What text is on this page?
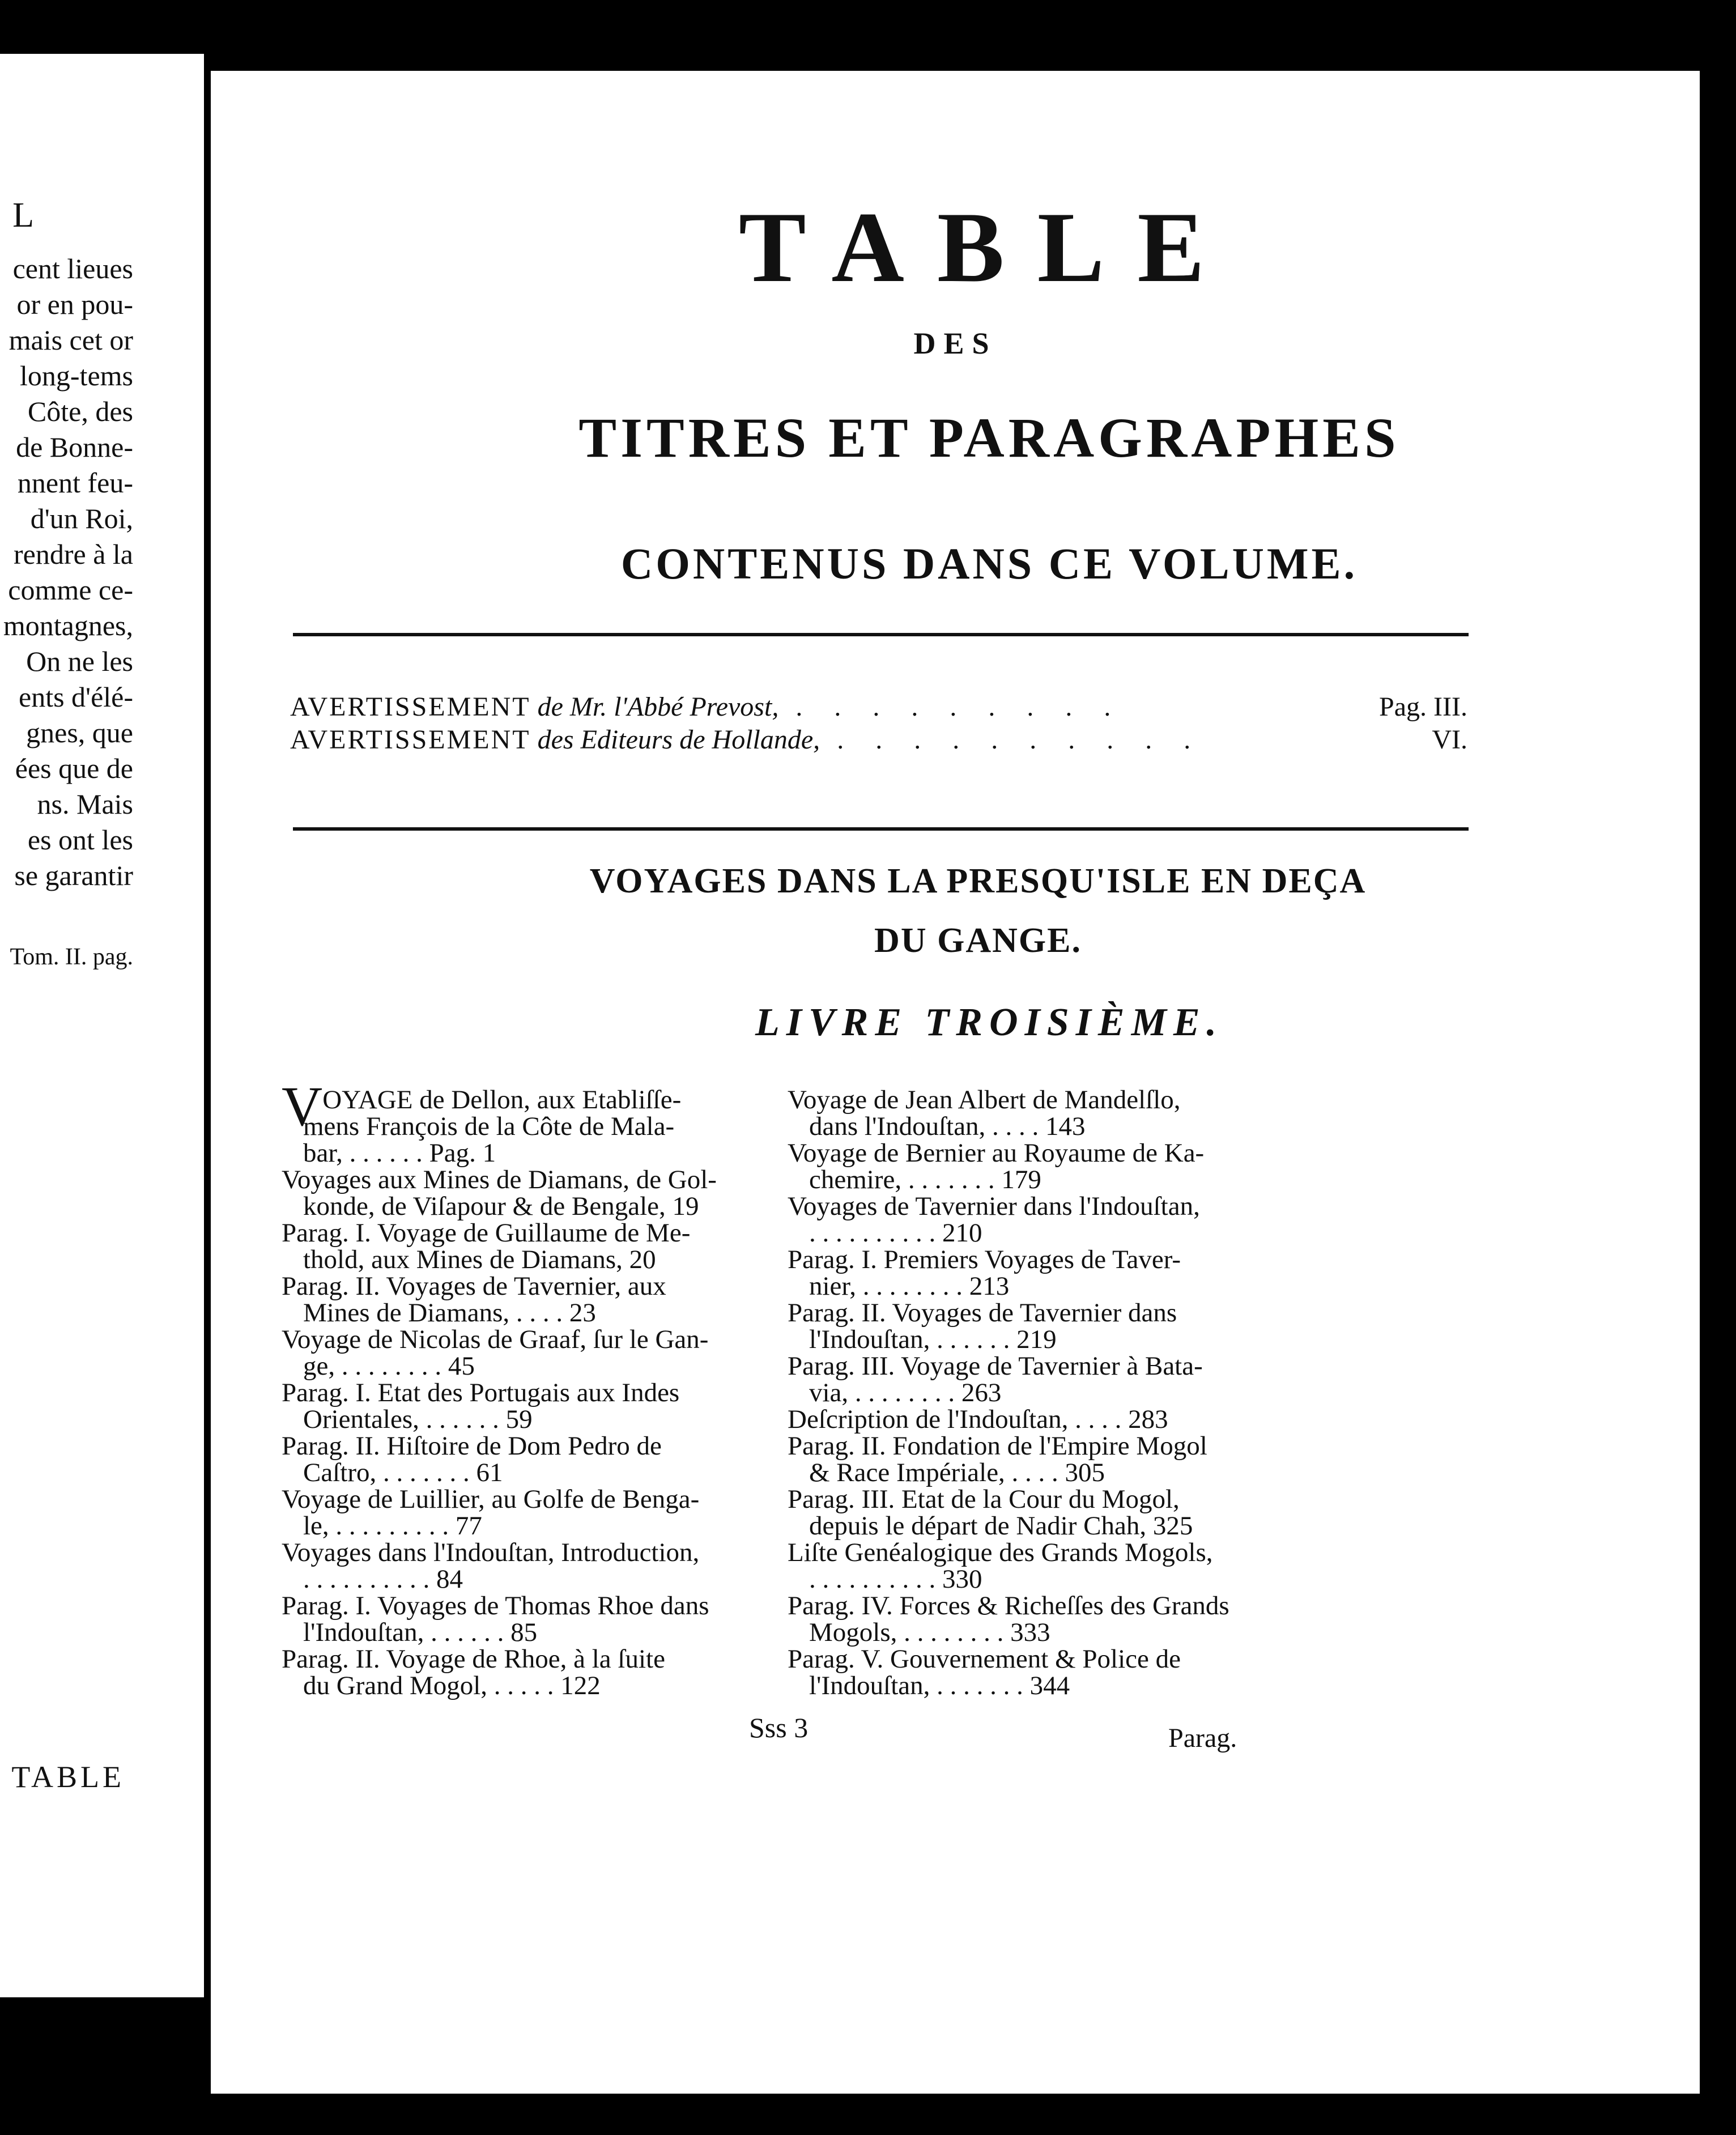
L
cent lieues
or en pou-
mais cet or
long-tems
Côte, des
de Bonne-
nnent feu-
d'un Roi,
rendre à la
comme ce-
montagnes,
On ne les
ents d'élé-
gnes, que
ées que de
ns. Mais
es ont les
se garantir
Tom. II. pag.
TABLE
TABLE
DES
TITRES ET PARAGRAPHES
CONTENUS DANS CE VOLUME.
AVERTISSEMENT de Mr. l'Abbé Prevost, . . . . . . . . .	Pag. III.
AVERTISSEMENT des Editeurs de Hollande, . . . . . . . . . .	VI.
VOYAGES DANS LA PRESQU'ISLE EN DEÇA
DU GANGE.
LIVRE TROISIÈME.
VOYAGE de Dellon, aux Etabliſſe-
mens François de la Côte de Mala-
bar, . . . . . . Pag. 1
Voyages aux Mines de Diamans, de Gol-
konde, de Viſapour & de Bengale, 19
Parag. I. Voyage de Guillaume de Me-
thold, aux Mines de Diamans, 20
Parag. II. Voyages de Tavernier, aux
Mines de Diamans, . . . . 23
Voyage de Nicolas de Graaf, ſur le Gan-
ge, . . . . . . . . 45
Parag. I. Etat des Portugais aux Indes
Orientales, . . . . . . 59
Parag. II. Hiſtoire de Dom Pedro de
Caſtro, . . . . . . . 61
Voyage de Luillier, au Golfe de Benga-
le, . . . . . . . . . 77
Voyages dans l'Indouſtan, Introduction,
. . . . . . . . . . 84
Parag. I. Voyages de Thomas Rhoe dans
l'Indouſtan, . . . . . . 85
Parag. II. Voyage de Rhoe, à la ſuite
du Grand Mogol, . . . . . 122
Voyage de Jean Albert de Mandelſlo,
dans l'Indouſtan, . . . . 143
Voyage de Bernier au Royaume de Ka-
chemire, . . . . . . . 179
Voyages de Tavernier dans l'Indouſtan,
. . . . . . . . . . 210
Parag. I. Premiers Voyages de Taver-
nier, . . . . . . . . 213
Parag. II. Voyages de Tavernier dans
l'Indouſtan, . . . . . . 219
Parag. III. Voyage de Tavernier à Bata-
via, . . . . . . . . 263
Deſcription de l'Indouſtan, . . . . 283
Parag. II. Fondation de l'Empire Mogol
& Race Impériale, . . . . 305
Parag. III. Etat de la Cour du Mogol,
depuis le départ de Nadir Chah, 325
Liſte Genéalogique des Grands Mogols,
. . . . . . . . . . 330
Parag. IV. Forces & Richeſſes des Grands
Mogols, . . . . . . . . 333
Parag. V. Gouvernement & Police de
l'Indouſtan, . . . . . . . 344
Sss 3	Parag.
